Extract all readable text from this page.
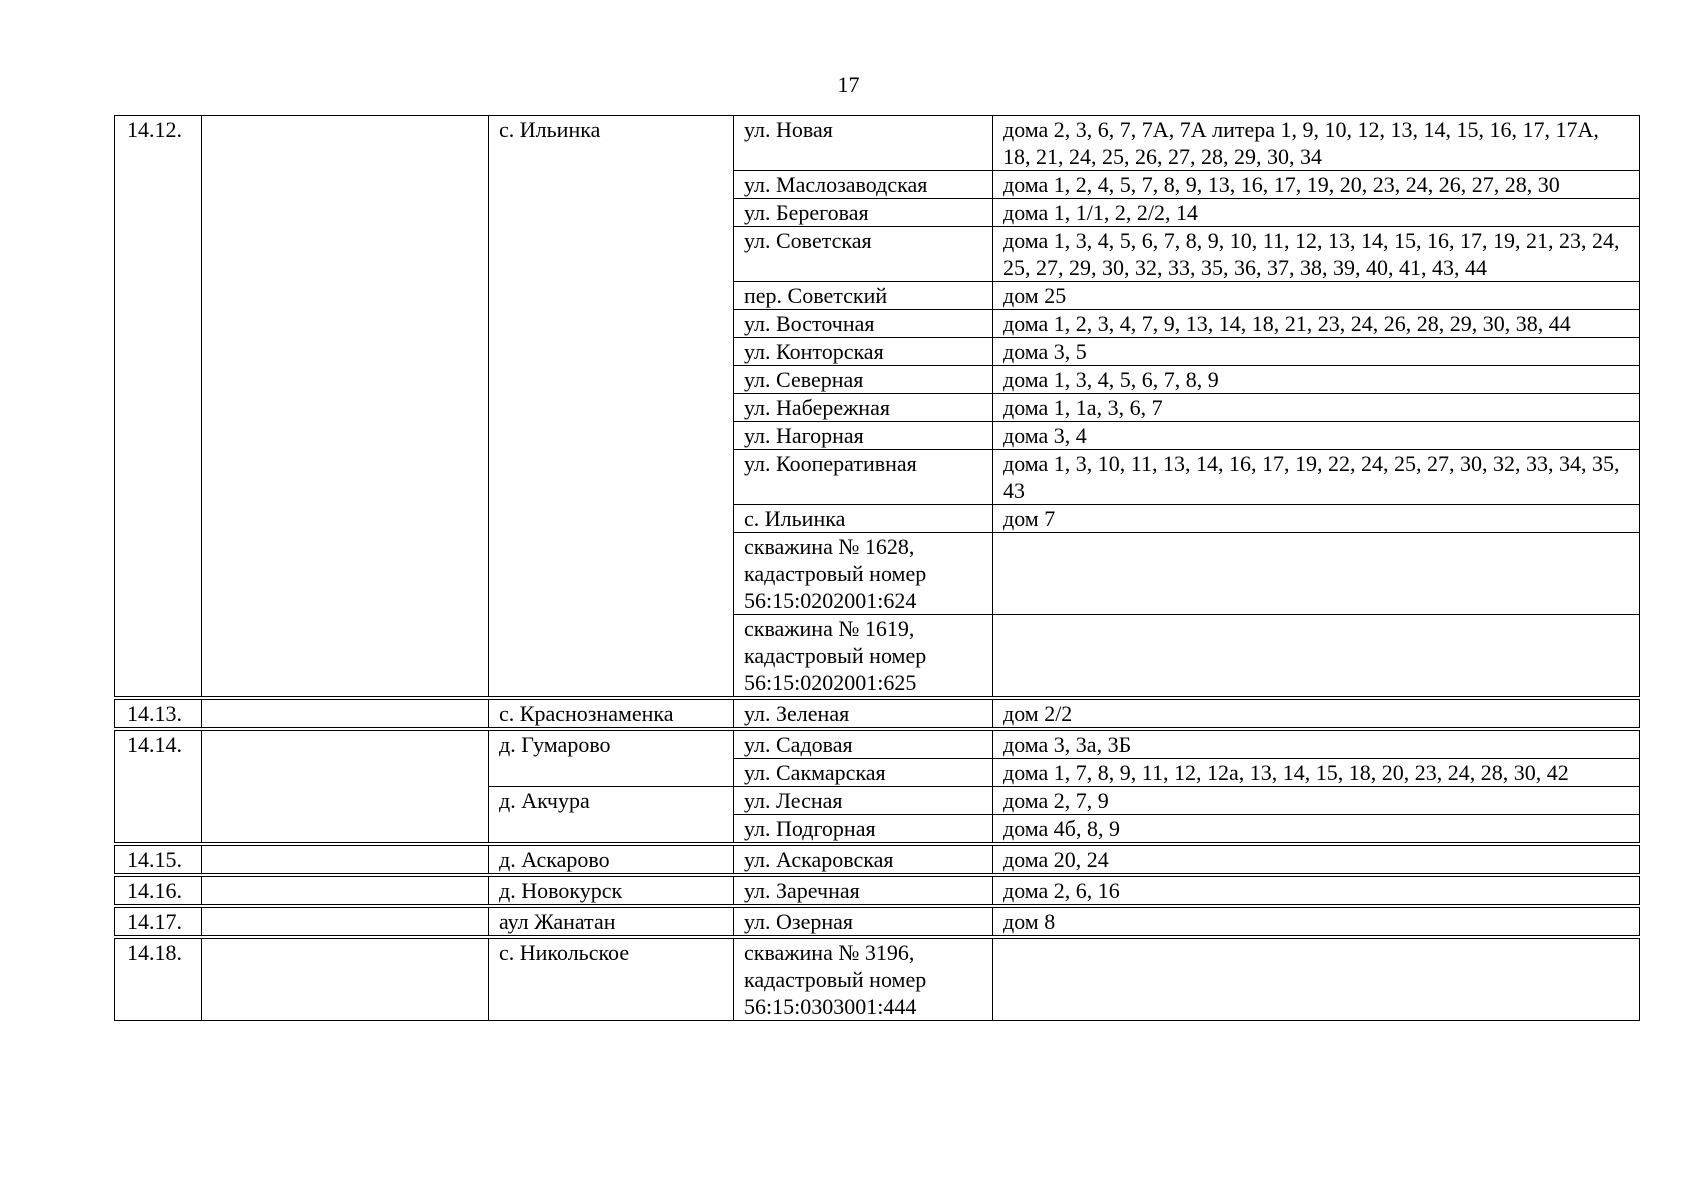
17
14.12.		с. Ильинка	ул. Новая	дома 2, 3, 6, 7, 7А, 7А литера 1, 9, 10, 12, 13, 14, 15, 16, 17, 17А, 18, 21, 24, 25, 26, 27, 28, 29, 30, 34
			ул. Маслозаводская	дома 1, 2, 4, 5, 7, 8, 9, 13, 16, 17, 19, 20, 23, 24, 26, 27, 28, 30
			ул. Береговая	дома 1, 1/1, 2, 2/2, 14
			ул. Советская	дома 1, 3, 4, 5, 6, 7, 8, 9, 10, 11, 12, 13, 14, 15, 16, 17, 19, 21, 23, 24, 25, 27, 29, 30, 32, 33, 35, 36, 37, 38, 39, 40, 41, 43, 44
			пер. Советский	дом 25
			ул. Восточная	дома 1, 2, 3, 4, 7, 9, 13, 14, 18, 21, 23, 24, 26, 28, 29, 30, 38, 44
			ул. Конторская	дома 3, 5
			ул. Северная	дома 1, 3, 4, 5, 6, 7, 8, 9
			ул. Набережная	дома 1, 1а, 3, 6, 7
			ул. Нагорная	дома 3, 4
			ул. Кооперативная	дома 1, 3, 10, 11, 13, 14, 16, 17, 19, 22, 24, 25, 27, 30, 32, 33, 34, 35, 43
			с. Ильинка	дом 7
			скважина № 1628, кадастровый номер 56:15:0202001:624	
			скважина № 1619, кадастровый номер 56:15:0202001:625	

14.13.		с. Краснознаменка	ул. Зеленая	дом 2/2

14.14.		д. Гумарово	ул. Садовая	дома 3, 3а, 3Б
			ул. Сакмарская	дома 1, 7, 8, 9, 11, 12, 12а, 13, 14, 15, 18, 20, 23, 24, 28, 30, 42
		д. Акчура	ул. Лесная	дома 2, 7, 9
			ул. Подгорная	дома 4б, 8, 9

14.15.		д. Аскарово	ул. Аскаровская	дома 20, 24

14.16.		д. Новокурск	ул. Заречная	дома 2, 6, 16

14.17.		аул Жанатан	ул. Озерная	дом 8

14.18.		с. Никольское	скважина № 3196, кадастровый номер 56:15:0303001:444	
